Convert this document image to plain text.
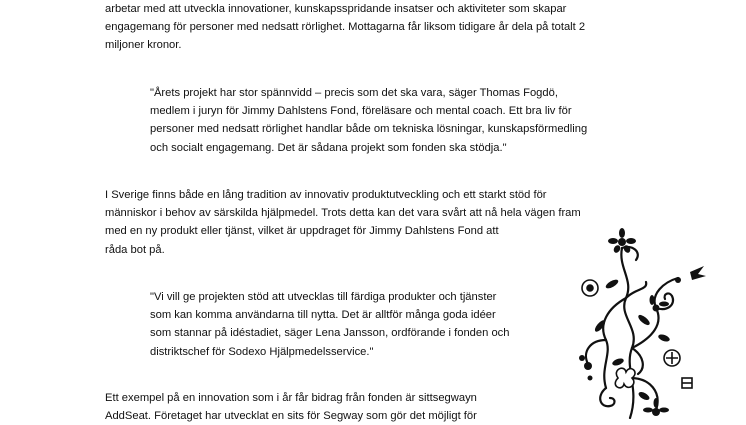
arbetar med att utveckla innovationer, kunskapsspridande insatser och aktiviteter som skapar
engagemang för personer med nedsatt rörlighet. Mottagarna får liksom tidigare år dela på totalt 2
miljoner kronor.
"Årets projekt har stor spännvidd – precis som det ska vara, säger Thomas Fogdö,
medlem i juryn för Jimmy Dahlstens Fond, föreläsare och mental coach. Ett bra liv för
personer med nedsatt rörlighet handlar både om tekniska lösningar, kunskapsförmedling
och socialt engagemang. Det är sådana projekt som fonden ska stödja."
I Sverige finns både en lång tradition av innovativ produktutveckling och ett starkt stöd för
människor i behov av särskilda hjälpmedel. Trots detta kan det vara svårt att nå hela vägen fram
med en ny produkt eller tjänst, vilket är uppdraget för Jimmy Dahlstens Fond att
råda bot på.
"Vi vill ge projekten stöd att utvecklas till färdiga produkter och tjänster
som kan komma användarna till nytta. Det är alltför många goda idéer
som stannar på idéstadiet, säger Lena Jansson, ordförande i fonden och
distriktschef för Sodexo Hjälpmedelsservice."
Ett exempel på en innovation som i år får bidrag från fonden är sittsegwayn
AddSeat. Företaget har utvecklat en sits för Segway som gör det möjligt för
